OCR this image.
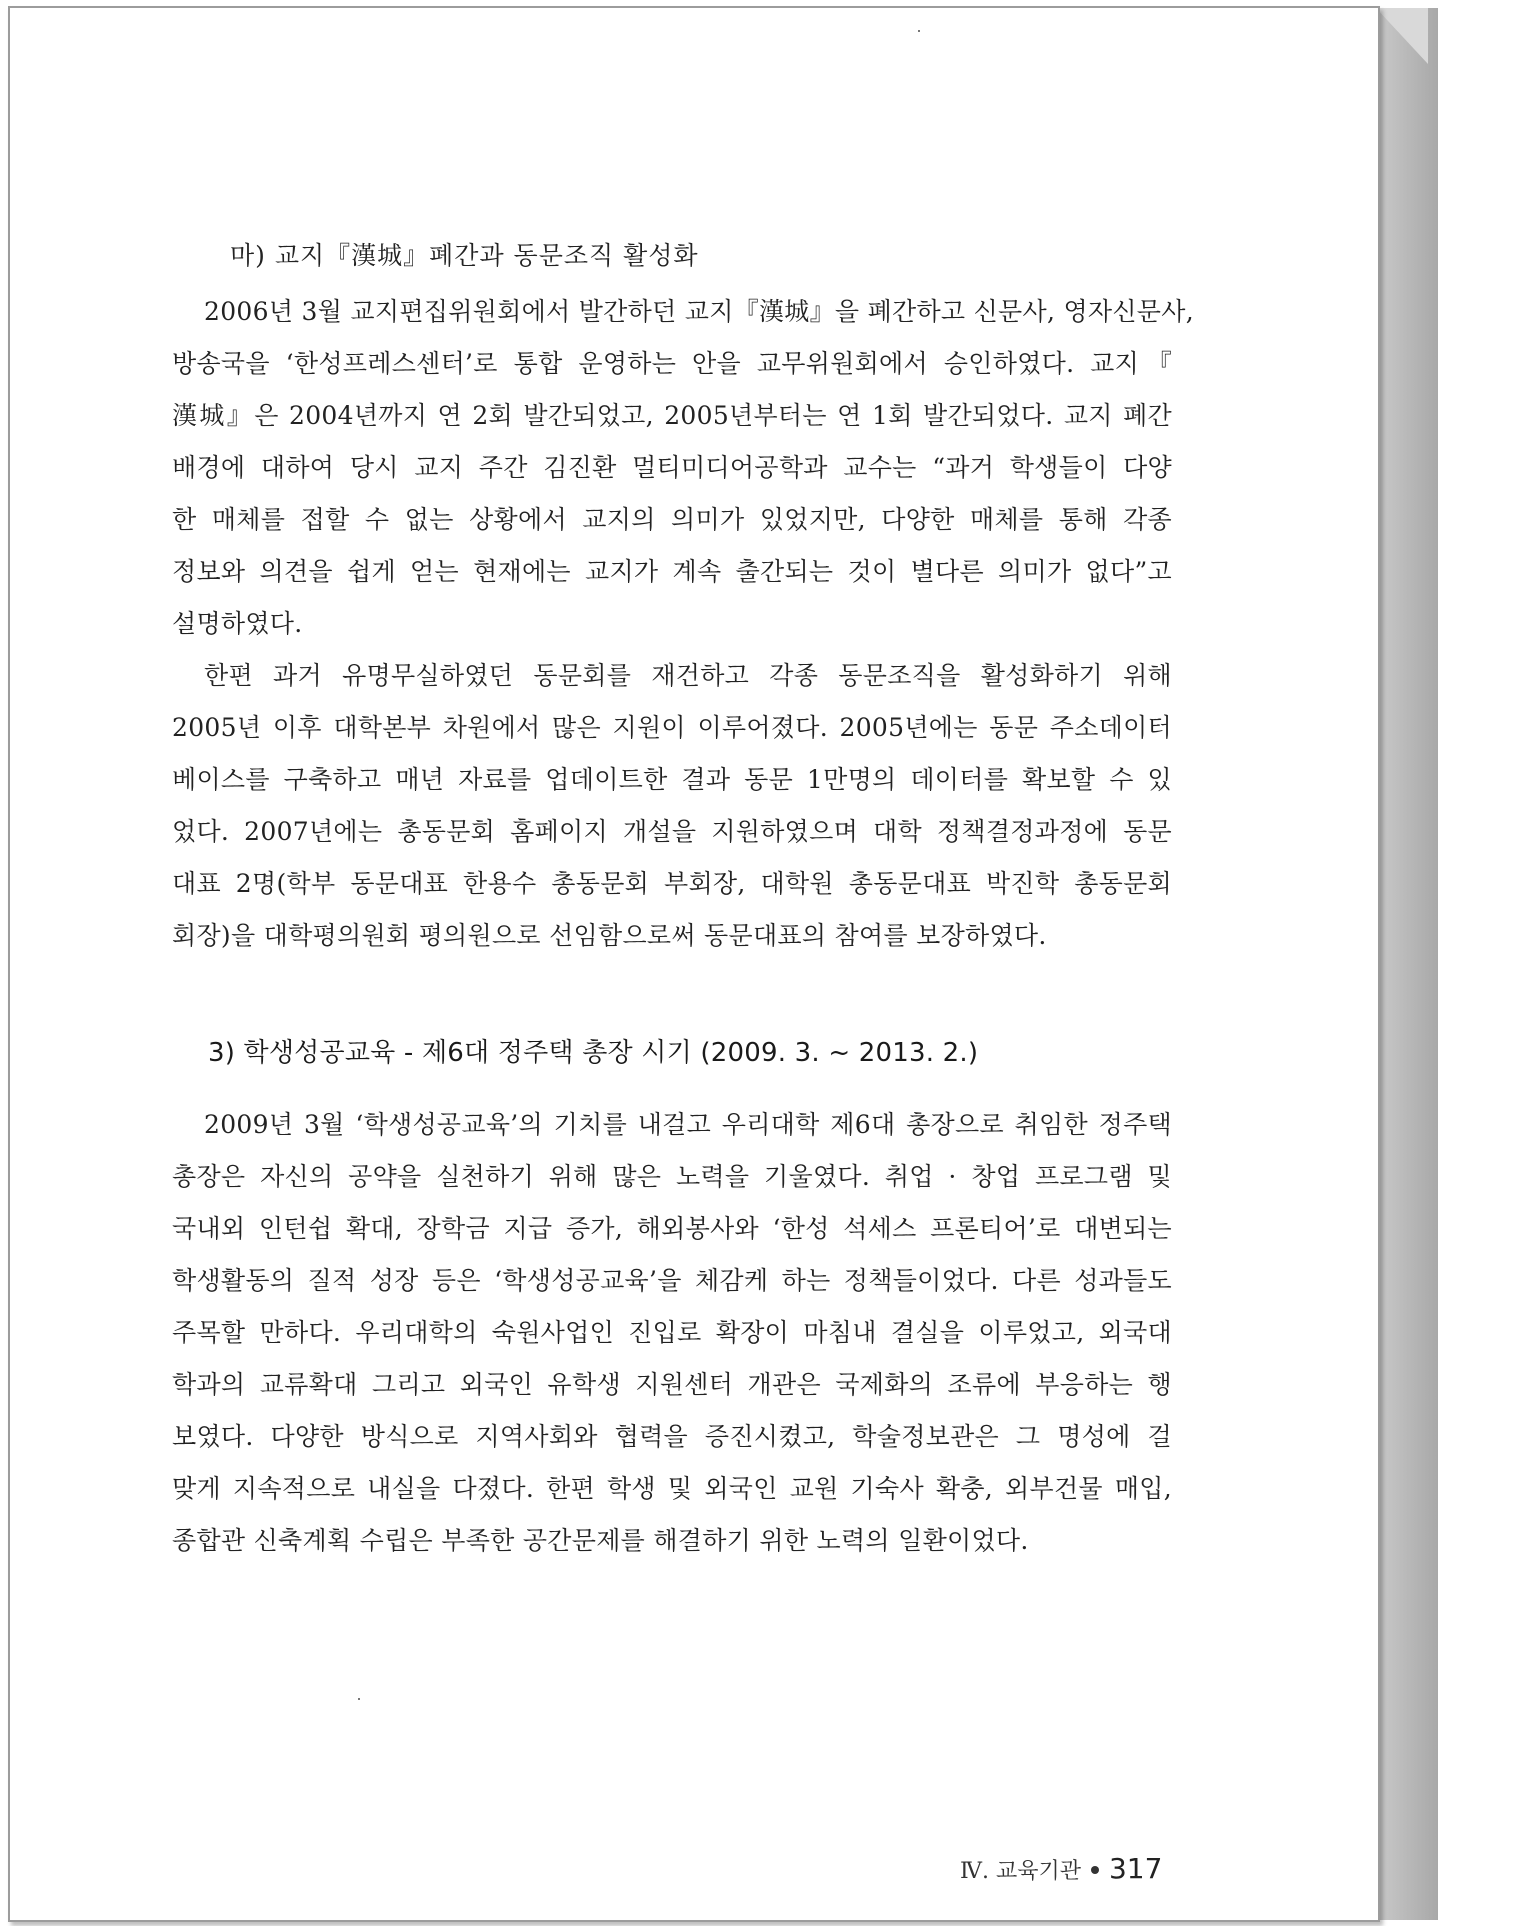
마) 교지『漢城』폐간과 동문조직 활성화

2006년 3월 교지편집위원회에서 발간하던 교지『漢城』을 폐간하고 신문사, 영자신문사,
방송국을 ‘한성프레스센터’로 통합 운영하는 안을 교무위원회에서 승인하였다. 교지『
漢城』은 2004년까지 연 2회 발간되었고, 2005년부터는 연 1회 발간되었다. 교지 폐간
배경에 대하여 당시 교지 주간 김진환 멀티미디어공학과 교수는 “과거 학생들이 다양
한 매체를 접할 수 없는 상황에서 교지의 의미가 있었지만, 다양한 매체를 통해 각종
정보와 의견을 쉽게 얻는 현재에는 교지가 계속 출간되는 것이 별다른 의미가 없다”고
설명하였다.

한편 과거 유명무실하였던 동문회를 재건하고 각종 동문조직을 활성화하기 위해
2005년 이후 대학본부 차원에서 많은 지원이 이루어졌다. 2005년에는 동문 주소데이터
베이스를 구축하고 매년 자료를 업데이트한 결과 동문 1만명의 데이터를 확보할 수 있
었다. 2007년에는 총동문회 홈페이지 개설을 지원하였으며 대학 정책결정과정에 동문
대표 2명(학부 동문대표 한용수 총동문회 부회장, 대학원 총동문대표 박진학 총동문회
회장)을 대학평의원회 평의원으로 선임함으로써 동문대표의 참여를 보장하였다.

3) 학생성공교육 - 제6대 정주택 총장 시기 (2009. 3. ~ 2013. 2.)

2009년 3월 ‘학생성공교육’의 기치를 내걸고 우리대학 제6대 총장으로 취임한 정주택
총장은 자신의 공약을 실천하기 위해 많은 노력을 기울였다. 취업 · 창업 프로그램 및
국내외 인턴쉽 확대, 장학금 지급 증가, 해외봉사와 ‘한성 석세스 프론티어’로 대변되는
학생활동의 질적 성장 등은 ‘학생성공교육’을 체감케 하는 정책들이었다. 다른 성과들도
주목할 만하다. 우리대학의 숙원사업인 진입로 확장이 마침내 결실을 이루었고, 외국대
학과의 교류확대 그리고 외국인 유학생 지원센터 개관은 국제화의 조류에 부응하는 행
보였다. 다양한 방식으로 지역사회와 협력을 증진시켰고, 학술정보관은 그 명성에 걸
맞게 지속적으로 내실을 다졌다. 한편 학생 및 외국인 교원 기숙사 확충, 외부건물 매입,
종합관 신축계획 수립은 부족한 공간문제를 해결하기 위한 노력의 일환이었다.

Ⅳ. 교육기관 317
